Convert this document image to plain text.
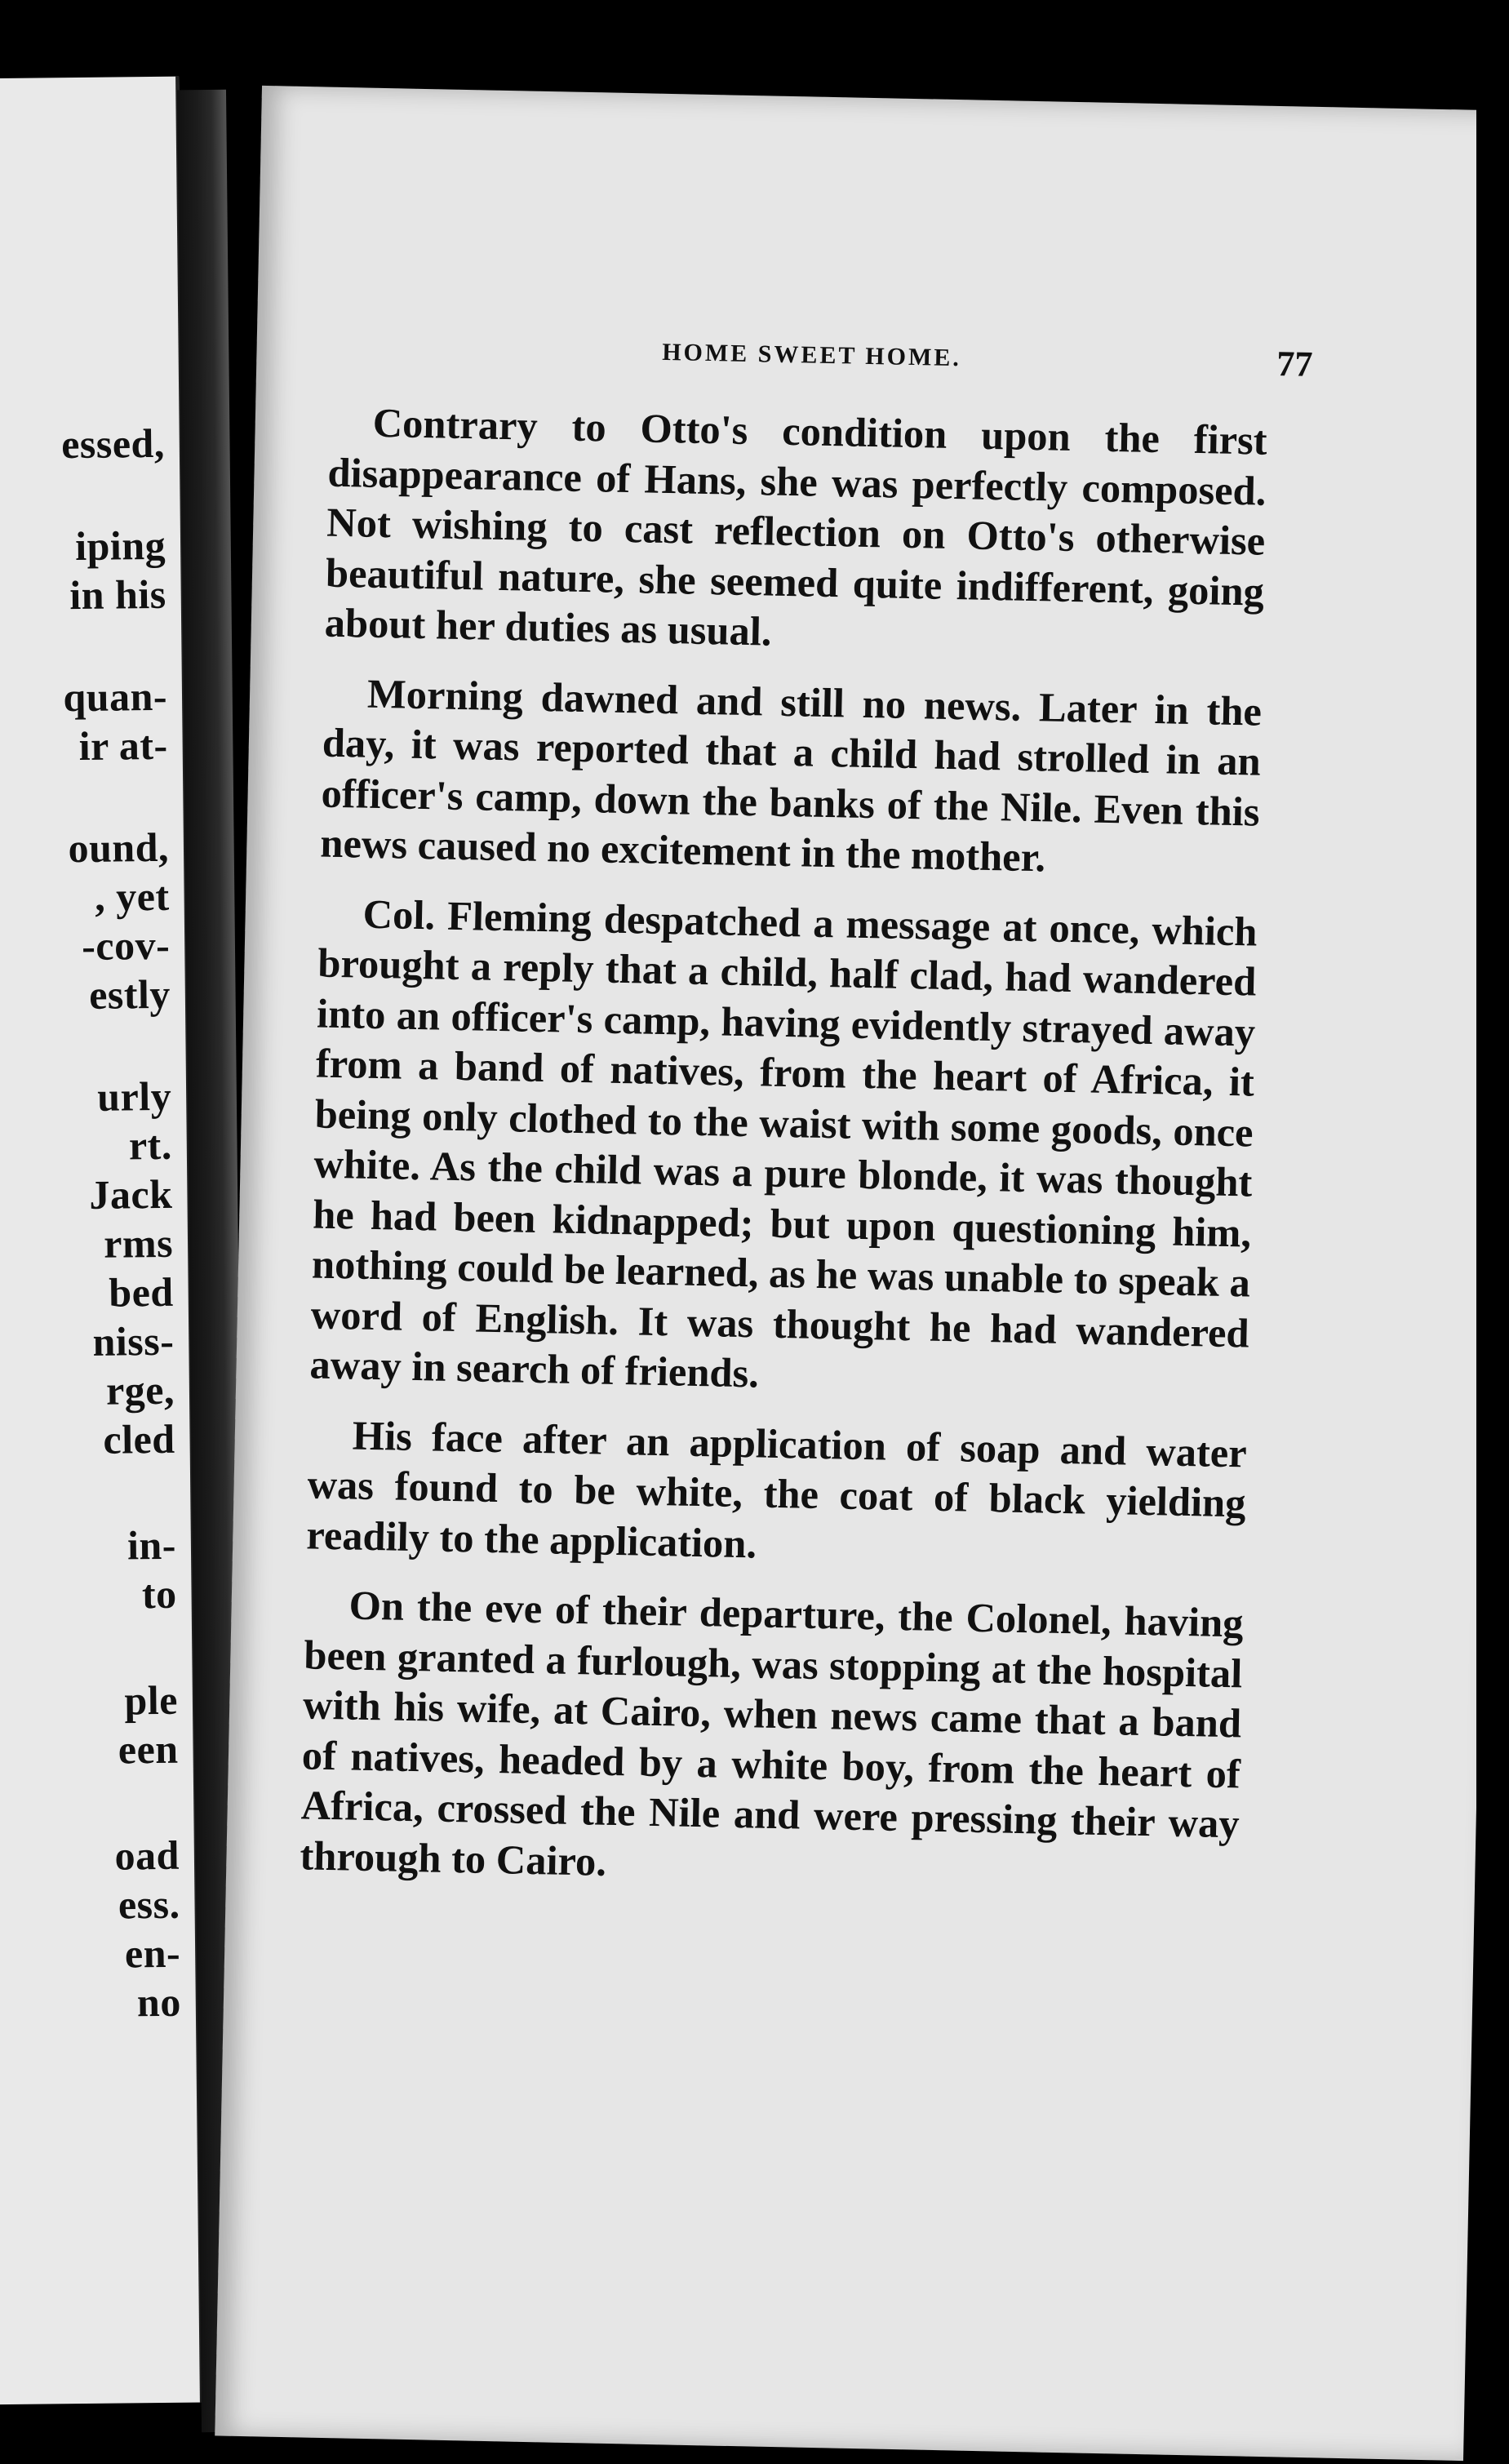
essed,
iping
in his
quan-
ir at-
ound,
, yet
-cov-
estly
urly
rt.
Jack
rms
bed
niss-
rge,
cled
in-
to
ple
een
oad
ess.
en-
no
HOME SWEET HOME.	77

Contrary to Otto's condition upon the first disappearance of Hans, she was perfectly composed. Not wishing to cast reflection on Otto's otherwise beautiful nature, she seemed quite indifferent, going about her duties as usual.

Morning dawned and still no news. Later in the day, it was reported that a child had strolled in an officer's camp, down the banks of the Nile. Even this news caused no excitement in the mother.

Col. Fleming despatched a message at once, which brought a reply that a child, half clad, had wandered into an officer's camp, having evidently strayed away from a band of natives, from the heart of Africa, it being only clothed to the waist with some goods, once white. As the child was a pure blonde, it was thought he had been kidnapped; but upon questioning him, nothing could be learned, as he was unable to speak a word of English. It was thought he had wandered away in search of friends.

His face after an application of soap and water was found to be white, the coat of black yielding readily to the application.

On the eve of their departure, the Colonel, having been granted a furlough, was stopping at the hospital with his wife, at Cairo, when news came that a band of natives, headed by a white boy, from the heart of Africa, crossed the Nile and were pressing their way through to Cairo.
